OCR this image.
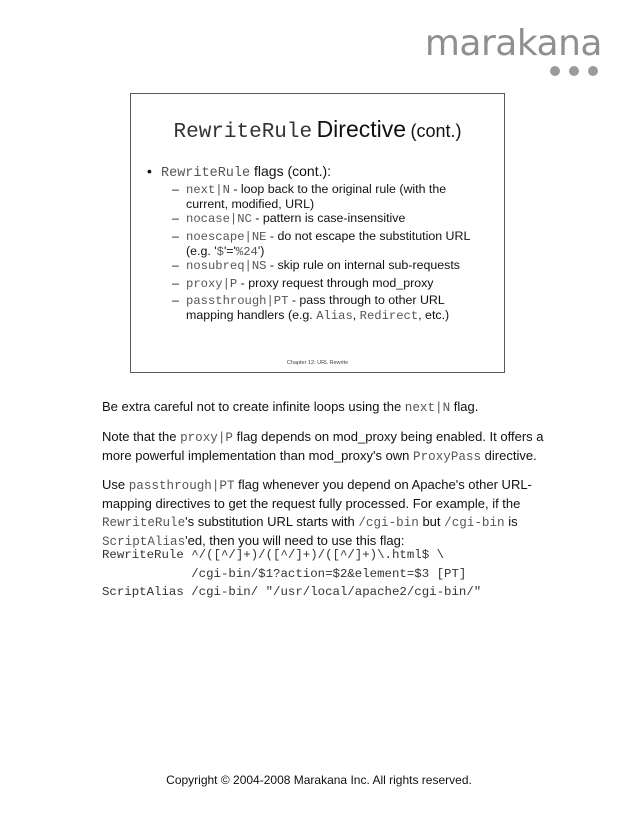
marakana
RewriteRule Directive (cont.)
• RewriteRule flags (cont.):
– next|N - loop back to the original rule (with the
current, modified, URL)
– nocase|NC - pattern is case-insensitive
– noescape|NE - do not escape the substitution URL
(e.g. '$'='%24')
– nosubreq|NS - skip rule on internal sub-requests
– proxy|P - proxy request through mod_proxy
– passthrough|PT - pass through to other URL
mapping handlers (e.g. Alias, Redirect, etc.)
Chapter 12: URL Rewrite
Be extra careful not to create infinite loops using the next|N flag.
Note that the proxy|P flag depends on mod_proxy being enabled. It offers a
more powerful implementation than mod_proxy's own ProxyPass directive.
Use passthrough|PT flag whenever you depend on Apache's other URL-
mapping directives to get the request fully processed. For example, if the
RewriteRule's substitution URL starts with /cgi-bin but /cgi-bin is
ScriptAlias'ed, then you will need to use this flag:
RewriteRule ^/([^/]+)/([^/]+)/([^/]+)\.html$ \
/cgi-bin/$1?action=$2&element=$3 [PT]
ScriptAlias /cgi-bin/ "/usr/local/apache2/cgi-bin/"
Copyright © 2004-2008 Marakana Inc. All rights reserved.
